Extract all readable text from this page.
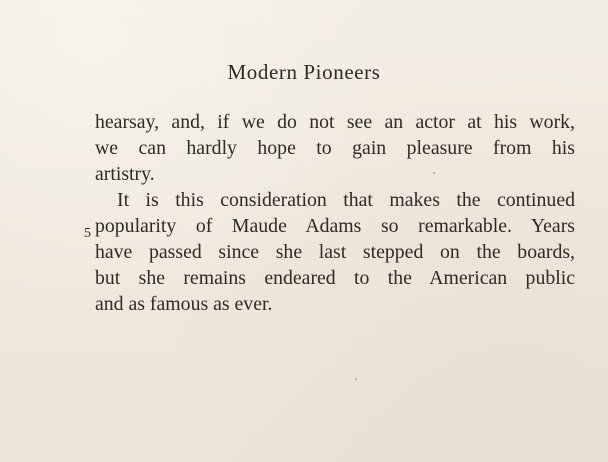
Modern Pioneers
5
hearsay, and, if we do not see an actor at his work,
we can hardly hope to gain pleasure from his
artistry.
It is this consideration that makes the continued
popularity of Maude Adams so remarkable. Years
have passed since she last stepped on the boards,
but she remains endeared to the American public
and as famous as ever.
